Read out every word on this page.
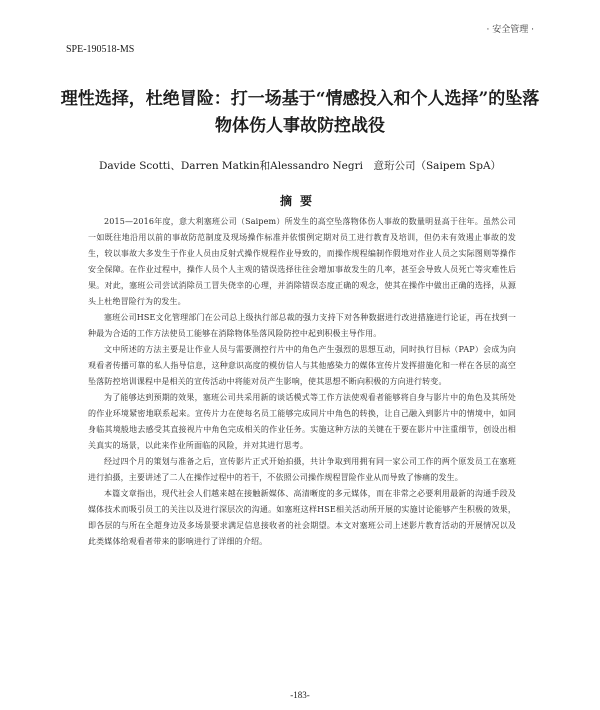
· 安全管理 ·
SPE-190518-MS
理性选择，杜绝冒险：打一场基于“情感投入和个人选择”的坠落物体伤人事故防控战役
Davide Scotti、Darren Matkin和Alessandro Negri　意珩公司（Saipem SpA）
摘要

2015—2016年度，意大利塞班公司（Saipem）所发生的高空坠落物体伤人事故的数量明显高于往年。虽然公司一如既往地沿用以前的事故防范制度及现场操作标准并依惯例定期对员工进行教育及培训，但仍未有效遏止事故的发生，较以事故大多发生于作业人员由反射式操作规程作业导致的，而操作规程编制作假地对作业人员之实际图则等操作安全保障。在作业过程中，操作人员个人主观的错误选择往往会增加事故发生的几率，甚至会导致人员死亡等灾难性后果。对此，塞班公司尝试消除员工冒失侥幸的心理，并消除错误态度正确的观念，使其在操作中做出正确的选择，从源头上杜绝冒险行为的发生。

塞班公司HSE文化管理部门在公司总上级执行部总裁的强力支持下对各种数据进行改进措施进行论证，再在找到一种最为合适的工作方法使员工能够在消除物体坠落风险防控中起到积极主导作用。

文中所述的方法主要是让作业人员与需要测控行片中的角色产生强烈的思想互动，同时执行目标（PAP）会成为向观看者传播可靠的私人指导信息，这种意识高度的模仿信人与其他感染力的媒体宣传片发挥措施化和一样在各层的高空坠落防控培训课程中是相关的宣传活动中将能对员产生影响，使其思想不断向积极的方向进行转变。

为了能够达到预期的效果，塞班公司共采用新的谈话模式等工作方法使观看者能够将自身与影片中的角色及其所处的作业环境紧密地联系起来。宣传片力在使每名员工能够完成同片中角色的转换，让自己融入到影片中的情境中，如同身临其境般地去感受其直接视片中角色完成相关的作业任务。实施这种方法的关键在于要在影片中注重细节，创设出相关真实的场景，以此来作业所面临的风险，并对其进行思考。

经过四个月的策划与准备之后，宣传影片正式开始拍摄，共计争取到用拥有同一家公司工作的两个原发员工在塞班进行拍摄，主要讲述了二人在操作过程中的若干，不依照公司操作规程冒险作业从而导致了惨痛的发生。

本篇文章指出，现代社会人们越来越在接触新媒体、高清晰度的多元媒体，而在非常之必要利用最新的沟通手段及媒体技术而吸引员工的关注以及进行深层次的沟通。如塞班这样HSE相关活动所开展的实施讨论能够产生积极的效果，即各层的与所在全超身边及多场景要求满足信息接收者的社会期望。本文对塞班公司上述影片教育活动的开展情况以及此类媒体给观看者带来的影响进行了详细的介绍。

-183-
